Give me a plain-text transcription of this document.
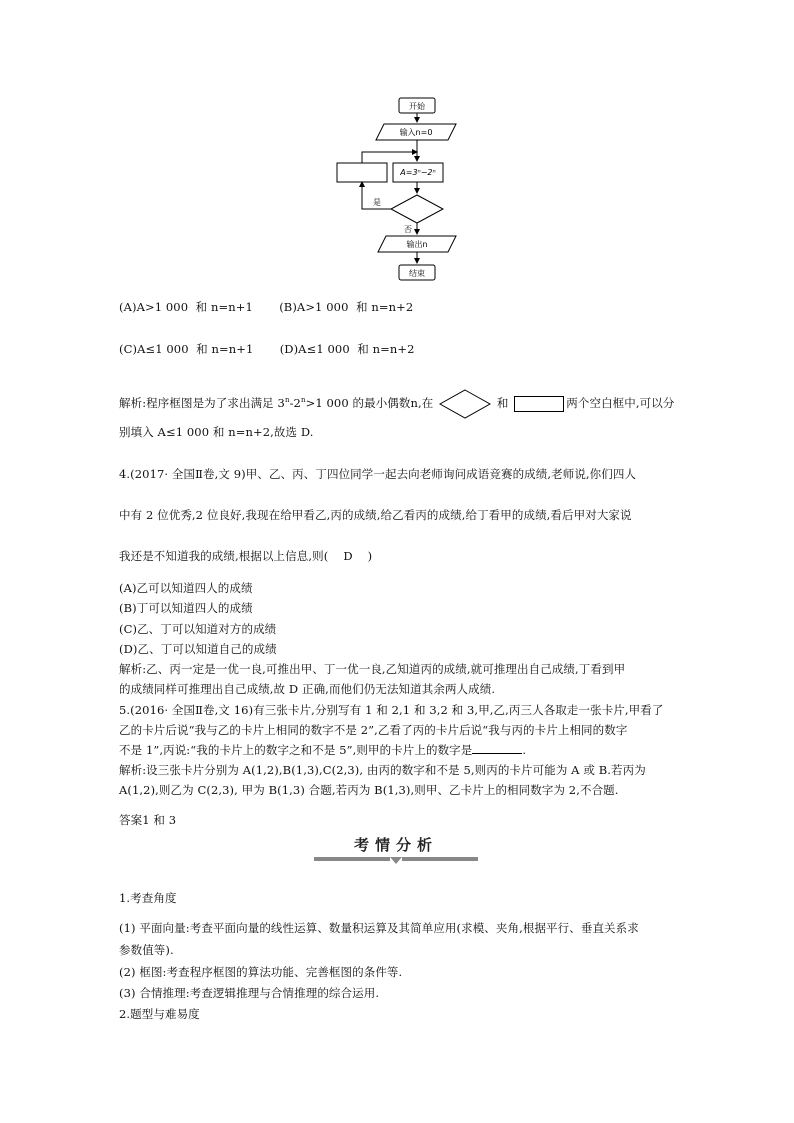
开始
输入n=0
A=3ⁿ−2ⁿ
是
否
输出n
结束
(A)A>1 000  和 n=n+1       (B)A>1 000  和 n=n+2
(C)A≤1 000  和 n=n+1       (D)A≤1 000  和 n=n+2
解析:程序框图是为了求出满足 $3^n-2^n>1$ 000 的最小偶数n,在	和	两个空白框中,可以分
别填入 A≤1 000 和 n=n+2,故选 D.
4.(2017· 全国Ⅱ卷,文 9)甲、乙、丙、丁四位同学一起去向老师询问成语竞赛的成绩,老师说,你们四人
中有 2 位优秀,2 位良好,我现在给甲看乙,丙的成绩,给乙看丙的成绩,给丁看甲的成绩,看后甲对大家说
我还是不知道我的成绩,根据以上信息,则(    D    )
(A)乙可以知道四人的成绩
(B)丁可以知道四人的成绩
(C)乙、丁可以知道对方的成绩
(D)乙、丁可以知道自己的成绩
解析:乙、丙一定是一优一良,可推出甲、丁一优一良,乙知道丙的成绩,就可推理出自己成绩,丁看到甲
的成绩同样可推理出自己成绩,故 D 正确,而他们仍无法知道其余两人成绩.
5.(2016· 全国Ⅱ卷,文 16)有三张卡片,分别写有 1 和 2,1 和 3,2 和 3,甲,乙,丙三人各取走一张卡片,甲看了
乙的卡片后说“我与乙的卡片上相同的数字不是 2”,乙看了丙的卡片后说“我与丙的卡片上相同的数字
不是 1”,丙说:“我的卡片上的数字之和不是 5”,则甲的卡片上的数字是	.
解析:设三张卡片分别为 A(1,2),B(1,3),C(2,3), 由丙的数字和不是 5,则丙的卡片可能为 A 或 B.若丙为
A(1,2),则乙为 C(2,3), 甲为 B(1,3) 合题,若丙为 B(1,3),则甲、乙卡片上的相同数字为 2,不合题.
答案1 和 3
考情分析
1.考查角度
(1) 平面向量:考查平面向量的线性运算、数量积运算及其简单应用(求模、夹角,根据平行、垂直关系求
参数值等).
(2) 框图:考查程序框图的算法功能、完善框图的条件等.
(3) 合情推理:考查逻辑推理与合情推理的综合运用.
2.题型与难易度
